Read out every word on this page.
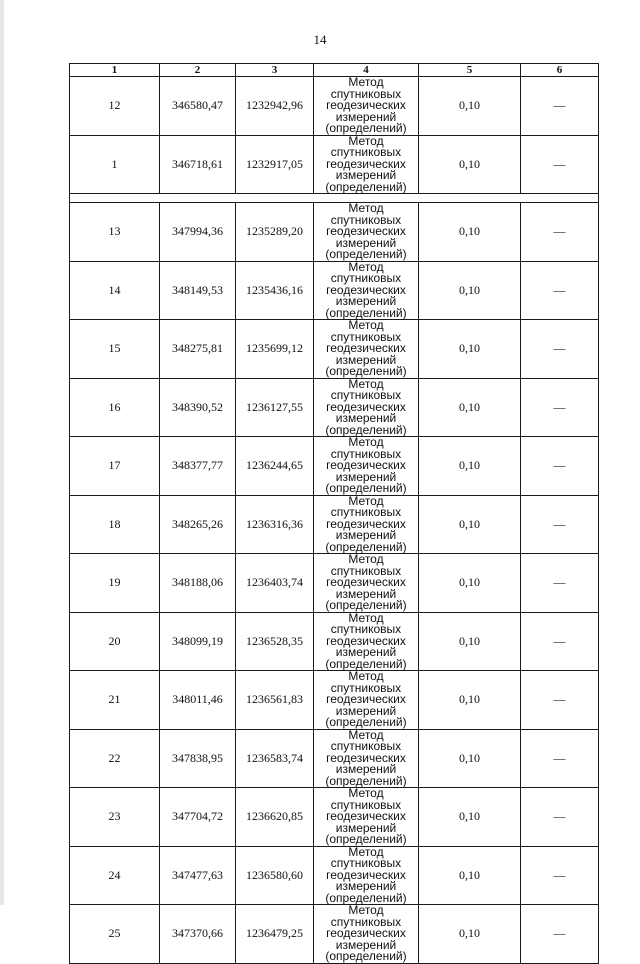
14
1	2	3	4	5	6
12	346580,47	1232942,96	Метод спутниковых
геодезических
измерений
(определений)	0,10	—
1	346718,61	1232917,05	Метод спутниковых
геодезических
измерений
(определений)	0,10	—

13	347994,36	1235289,20	Метод спутниковых
геодезических
измерений
(определений)	0,10	—
14	348149,53	1235436,16	Метод спутниковых
геодезических
измерений
(определений)	0,10	—
15	348275,81	1235699,12	Метод спутниковых
геодезических
измерений
(определений)	0,10	—
16	348390,52	1236127,55	Метод спутниковых
геодезических
измерений
(определений)	0,10	—
17	348377,77	1236244,65	Метод спутниковых
геодезических
измерений
(определений)	0,10	—
18	348265,26	1236316,36	Метод спутниковых
геодезических
измерений
(определений)	0,10	—
19	348188,06	1236403,74	Метод спутниковых
геодезических
измерений
(определений)	0,10	—
20	348099,19	1236528,35	Метод спутниковых
геодезических
измерений
(определений)	0,10	—
21	348011,46	1236561,83	Метод спутниковых
геодезических
измерений
(определений)	0,10	—
22	347838,95	1236583,74	Метод спутниковых
геодезических
измерений
(определений)	0,10	—
23	347704,72	1236620,85	Метод спутниковых
геодезических
измерений
(определений)	0,10	—
24	347477,63	1236580,60	Метод спутниковых
геодезических
измерений
(определений)	0,10	—
25	347370,66	1236479,25	Метод спутниковых
геодезических
измерений
(определений)	0,10	—
